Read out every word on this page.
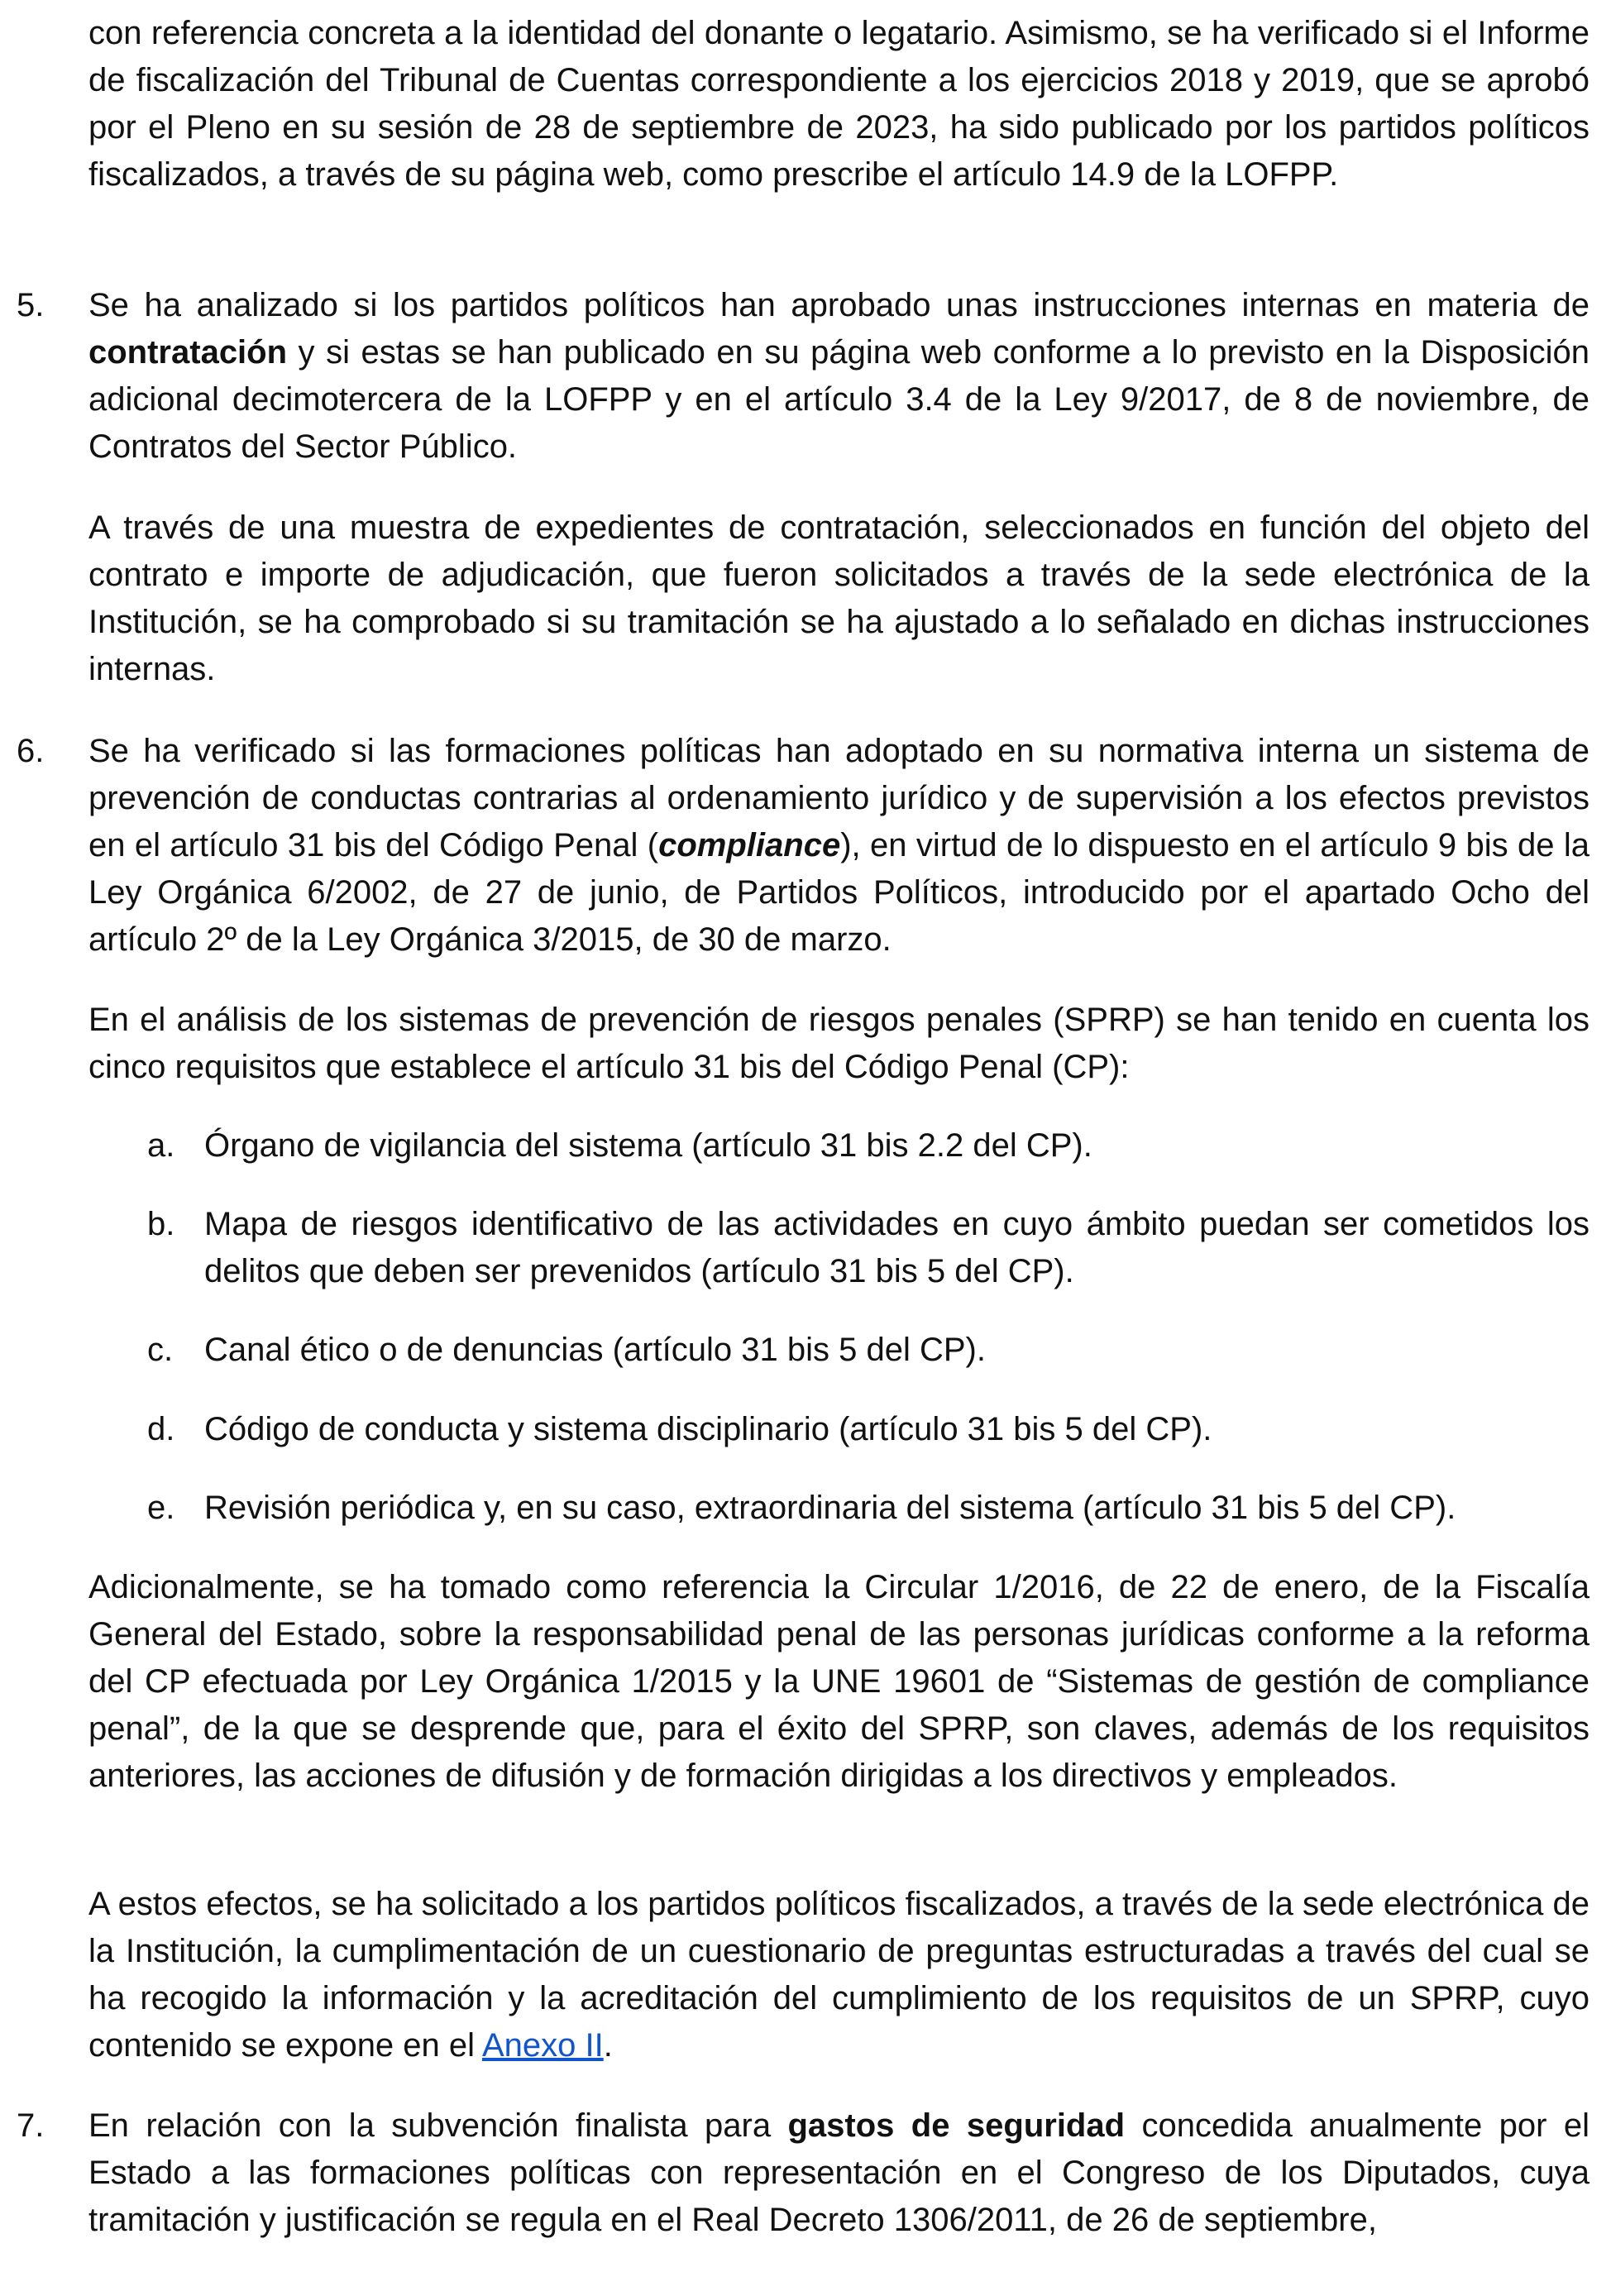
con referencia concreta a la identidad del donante o legatario. Asimismo, se ha verificado si el Informe de fiscalización del Tribunal de Cuentas correspondiente a los ejercicios 2018 y 2019, que se aprobó por el Pleno en su sesión de 28 de septiembre de 2023, ha sido publicado por los partidos políticos fiscalizados, a través de su página web, como prescribe el artículo 14.9 de la LOFPP.

5. Se ha analizado si los partidos políticos han aprobado unas instrucciones internas en materia de contratación y si estas se han publicado en su página web conforme a lo previsto en la Disposición adicional decimotercera de la LOFPP y en el artículo 3.4 de la Ley 9/2017, de 8 de noviembre, de Contratos del Sector Público.

A través de una muestra de expedientes de contratación, seleccionados en función del objeto del contrato e importe de adjudicación, que fueron solicitados a través de la sede electrónica de la Institución, se ha comprobado si su tramitación se ha ajustado a lo señalado en dichas instrucciones internas.

6. Se ha verificado si las formaciones políticas han adoptado en su normativa interna un sistema de prevención de conductas contrarias al ordenamiento jurídico y de supervisión a los efectos previstos en el artículo 31 bis del Código Penal (compliance), en virtud de lo dispuesto en el artículo 9 bis de la Ley Orgánica 6/2002, de 27 de junio, de Partidos Políticos, introducido por el apartado Ocho del artículo 2º de la Ley Orgánica 3/2015, de 30 de marzo.

En el análisis de los sistemas de prevención de riesgos penales (SPRP) se han tenido en cuenta los cinco requisitos que establece el artículo 31 bis del Código Penal (CP):

a. Órgano de vigilancia del sistema (artículo 31 bis 2.2 del CP).

b. Mapa de riesgos identificativo de las actividades en cuyo ámbito puedan ser cometidos los delitos que deben ser prevenidos (artículo 31 bis 5 del CP).

c. Canal ético o de denuncias (artículo 31 bis 5 del CP).

d. Código de conducta y sistema disciplinario (artículo 31 bis 5 del CP).

e. Revisión periódica y, en su caso, extraordinaria del sistema (artículo 31 bis 5 del CP).

Adicionalmente, se ha tomado como referencia la Circular 1/2016, de 22 de enero, de la Fiscalía General del Estado, sobre la responsabilidad penal de las personas jurídicas conforme a la reforma del CP efectuada por Ley Orgánica 1/2015 y la UNE 19601 de “Sistemas de gestión de compliance penal”, de la que se desprende que, para el éxito del SPRP, son claves, además de los requisitos anteriores, las acciones de difusión y de formación dirigidas a los directivos y empleados.

A estos efectos, se ha solicitado a los partidos políticos fiscalizados, a través de la sede electrónica de la Institución, la cumplimentación de un cuestionario de preguntas estructuradas a través del cual se ha recogido la información y la acreditación del cumplimiento de los requisitos de un SPRP, cuyo contenido se expone en el Anexo II.

7. En relación con la subvención finalista para gastos de seguridad concedida anualmente por el Estado a las formaciones políticas con representación en el Congreso de los Diputados, cuya tramitación y justificación se regula en el Real Decreto 1306/2011, de 26 de septiembre,
